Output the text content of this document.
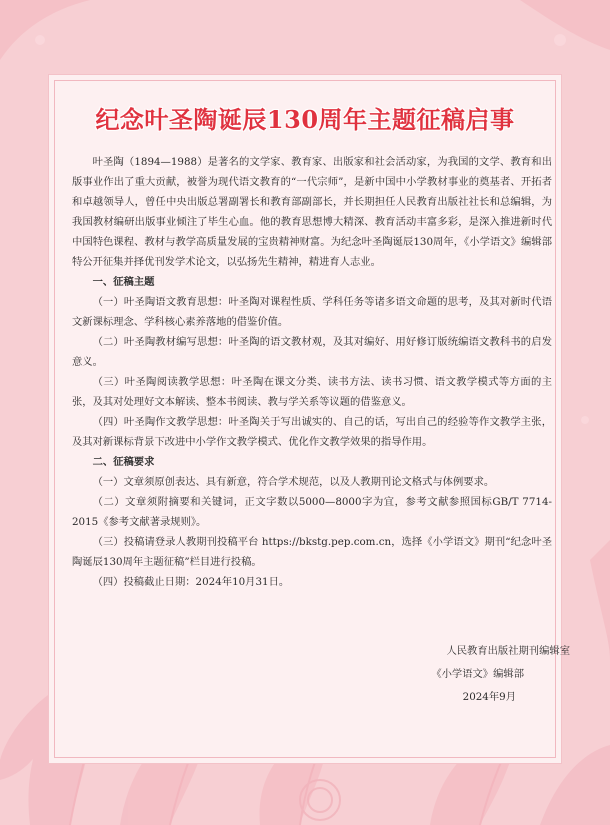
纪念叶圣陶诞辰130周年主题征稿启事

叶圣陶（1894—1988）是著名的文学家、教育家、出版家和社会活动家，为我国的文学、教育和出版事业作出了重大贡献，被誉为现代语文教育的“一代宗师”，是新中国中小学教材事业的奠基者、开拓者和卓越领导人，曾任中央出版总署副署长和教育部副部长，并长期担任人民教育出版社社长和总编辑，为我国教材编研出版事业倾注了毕生心血。他的教育思想博大精深、教育活动丰富多彩，是深入推进新时代中国特色课程、教材与教学高质量发展的宝贵精神财富。为纪念叶圣陶诞辰130周年，《小学语文》编辑部特公开征集并择优刊发学术论文，以弘扬先生精神，精进育人志业。

一、征稿主题

（一）叶圣陶语文教育思想：叶圣陶对课程性质、学科任务等诸多语文命题的思考，及其对新时代语文新课标理念、学科核心素养落地的借鉴价值。

（二）叶圣陶教材编写思想：叶圣陶的语文教材观，及其对编好、用好修订版统编语文教科书的启发意义。

（三）叶圣陶阅读教学思想：叶圣陶在课文分类、读书方法、读书习惯、语文教学模式等方面的主张，及其对处理好文本解读、整本书阅读、教与学关系等议题的借鉴意义。

（四）叶圣陶作文教学思想：叶圣陶关于写出诚实的、自己的话，写出自己的经验等作文教学主张，及其对新课标背景下改进中小学作文教学模式、优化作文教学效果的指导作用。

二、征稿要求

（一）文章须原创表达、具有新意，符合学术规范，以及人教期刊论文格式与体例要求。

（二）文章须附摘要和关键词，正文字数以5000—8000字为宜，参考文献参照国标GB/T 7714-2015《参考文献著录规则》。

（三）投稿请登录人教期刊投稿平台 https://bkstg.pep.com.cn，选择《小学语文》期刊“纪念叶圣陶诞辰130周年主题征稿”栏目进行投稿。

（四）投稿截止日期：2024年10月31日。

人民教育出版社期刊编辑室
《小学语文》编辑部
2024年9月
